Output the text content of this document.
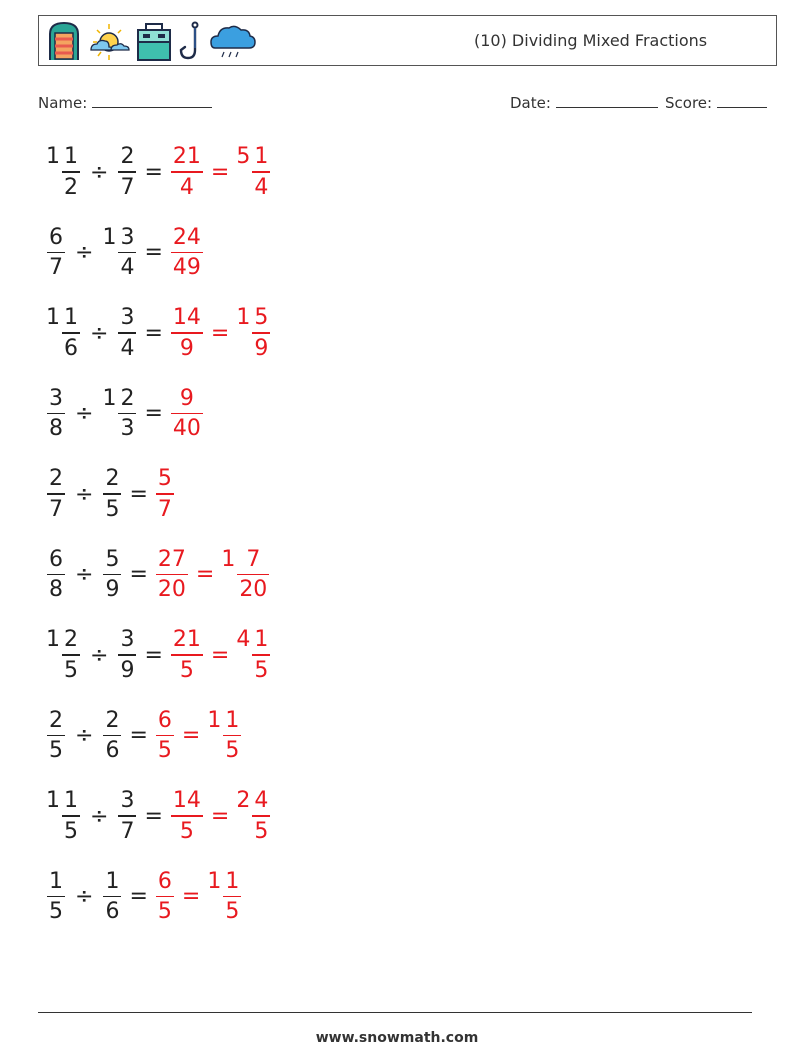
(10) Dividing Mixed Fractions
Name:	Date:	Score:
$1 \frac{1}{2} \div \frac{2}{7} = \frac{21}{4}$ =
$5 \frac{1}{4}$
$\frac{6}{7}$ ÷
$1 \frac{3}{4} = \frac{24}{49}$
$1 \frac{1}{6} \div \frac{3}{4} = \frac{14}{9}$ =
$1 \frac{5}{9}$
$\frac{3}{8}$ ÷
$1 \frac{2}{3} = \frac{9}{40}$
$\frac{2}{7} \div \frac{2}{5} = \frac{5}{7}$
$\frac{6}{8} \div \frac{5}{9} = \frac{27}{20}$ =
$1 \frac{7}{20}$
$1 \frac{2}{5} \div \frac{3}{9} = \frac{21}{5}$ =
$4 \frac{1}{5}$
$\frac{2}{5} \div \frac{2}{6} = \frac{6}{5}$ =
$1 \frac{1}{5}$
$1 \frac{1}{5} \div \frac{3}{7} = \frac{14}{5}$ =
$2 \frac{4}{5}$
$\frac{1}{5} \div \frac{1}{6} = \frac{6}{5}$ =
$1 \frac{1}{5}$
www.snowmath.com
